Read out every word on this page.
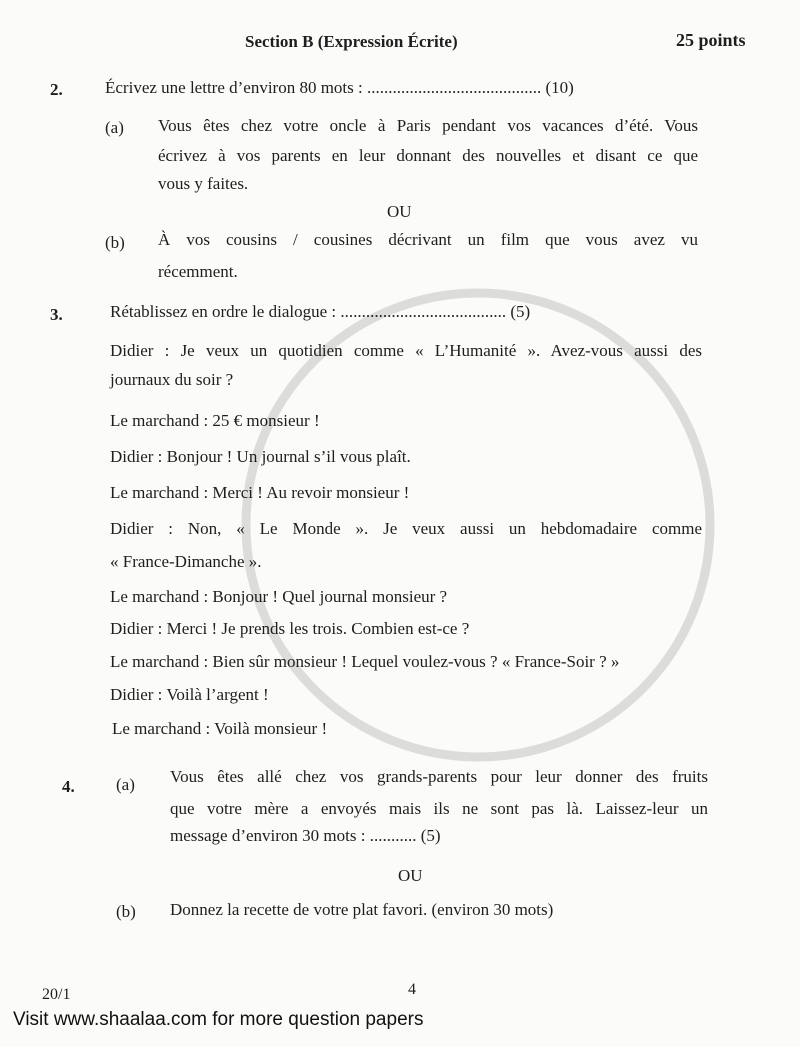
Section B (Expression Écrite)	25 points
2. Écrivez une lettre d’environ 80 mots : ......................................... (10)
(a) Vous êtes chez votre oncle à Paris pendant vos vacances d’été. Vous
écrivez à vos parents en leur donnant des nouvelles et disant ce que
vous y faites.
OU
(b) À vos cousins / cousines décrivant un film que vous avez vu
récemment.
3.	Rétablissez en ordre le dialogue : ....................................... (5)
Didier : Je veux un quotidien comme « L’Humanité ». Avez-vous aussi des
journaux du soir ?
Le marchand : 25 € monsieur !
Didier : Bonjour ! Un journal s’il vous plaît.
Le marchand : Merci ! Au revoir monsieur !
Didier : Non, « Le Monde ». Je veux aussi un hebdomadaire comme
« France-Dimanche ».
Le marchand : Bonjour ! Quel journal monsieur ?
Didier : Merci ! Je prends les trois. Combien est-ce ?
Le marchand : Bien sûr monsieur ! Lequel voulez-vous ? « France-Soir ? »
Didier : Voilà l’argent !
Le marchand : Voilà monsieur !
4. (a) Vous êtes allé chez vos grands-parents pour leur donner des fruits
que votre mère a envoyés mais ils ne sont pas là. Laissez-leur un
message d’environ 30 mots : ........... (5)
OU
(b) Donnez la recette de votre plat favori. (environ 30 mots)
20/1	4
Visit www.shaalaa.com for more question papers
